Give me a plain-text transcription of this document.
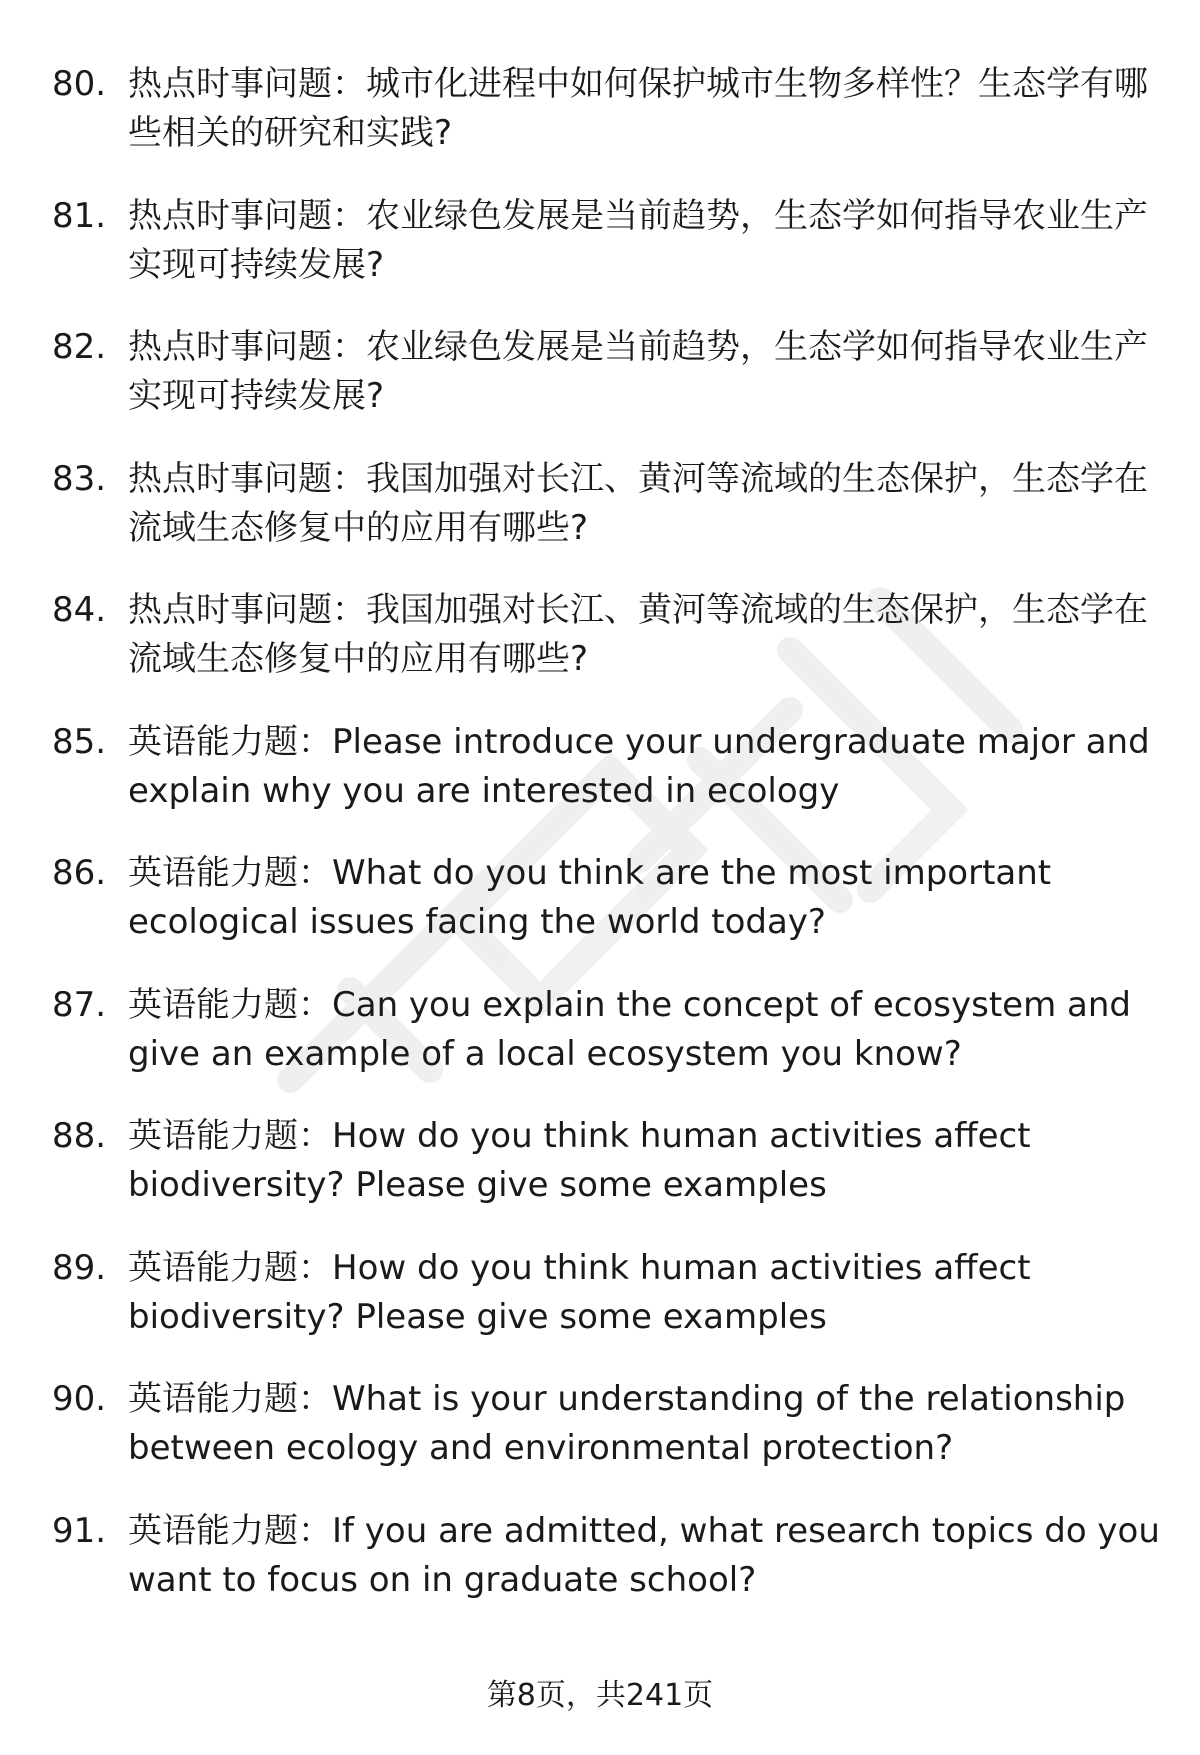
80. 热点时事问题：城市化进程中如何保护城市生物多样性？生态学有哪些相关的研究和实践?
81. 热点时事问题：农业绿色发展是当前趋势，生态学如何指导农业生产实现可持续发展?
82. 热点时事问题：农业绿色发展是当前趋势，生态学如何指导农业生产实现可持续发展?
83. 热点时事问题：我国加强对长江、黄河等流域的生态保护，生态学在流域生态修复中的应用有哪些?
84. 热点时事问题：我国加强对长江、黄河等流域的生态保护，生态学在流域生态修复中的应用有哪些?
85. 英语能力题：Please introduce your undergraduate major and explain why you are interested in ecology
86. 英语能力题：What do you think are the most important ecological issues facing the world today?
87. 英语能力题：Can you explain the concept of ecosystem and give an example of a local ecosystem you know?
88. 英语能力题：How do you think human activities affect biodiversity? Please give some examples
89. 英语能力题：How do you think human activities affect biodiversity? Please give some examples
90. 英语能力题：What is your understanding of the relationship between ecology and environmental protection?
91. 英语能力题：If you are admitted, what research topics do you want to focus on in graduate school?
第8页，共241页
